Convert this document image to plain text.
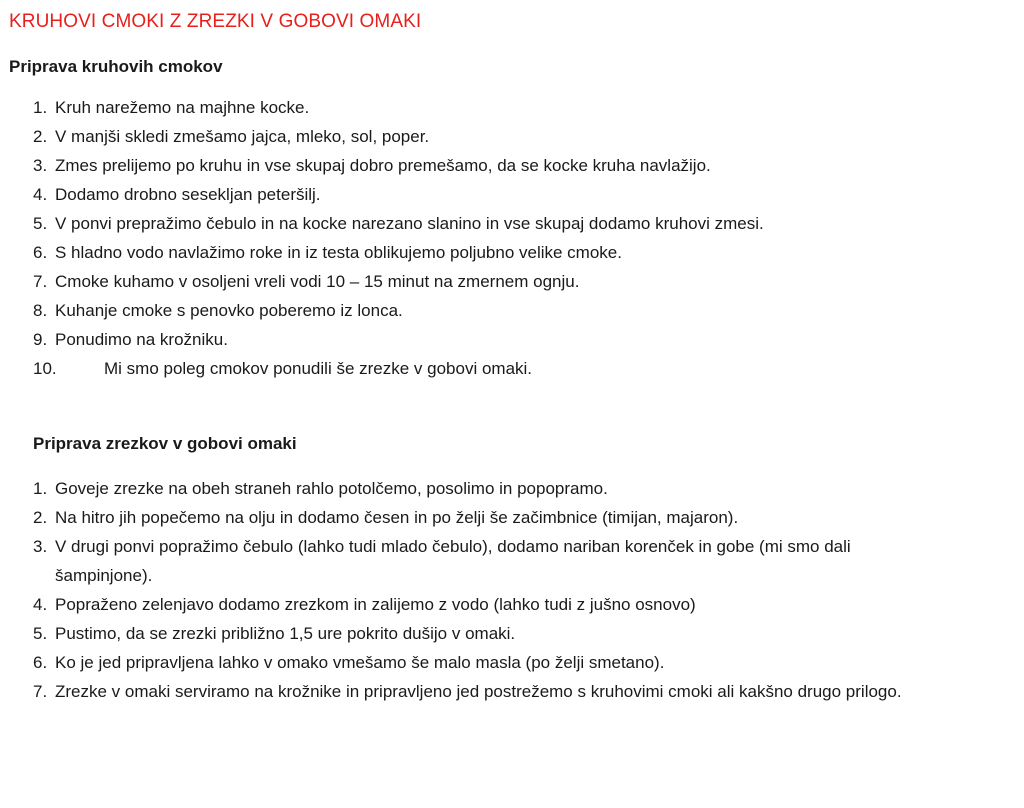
KRUHOVI CMOKI Z ZREZKI V GOBOVI OMAKI
Priprava kruhovih cmokov
1. Kruh narežemo na majhne kocke.
2. V manjši skledi zmešamo jajca, mleko, sol, poper.
3. Zmes prelijemo po kruhu in vse skupaj dobro premešamo, da se kocke kruha navlažijo.
4. Dodamo drobno sesekljan peteršilj.
5. V ponvi prepražimo čebulo in na kocke narezano slanino in vse skupaj dodamo kruhovi zmesi.
6. S hladno vodo navlažimo roke in iz testa oblikujemo poljubno velike cmoke.
7. Cmoke kuhamo v osoljeni vreli vodi 10 – 15 minut na zmernem ognju.
8. Kuhanje cmoke s penovko poberemo iz lonca.
9. Ponudimo na krožniku.
10.	Mi smo poleg cmokov ponudili še zrezke v gobovi omaki.
Priprava zrezkov v gobovi omaki
1. Goveje zrezke na obeh straneh rahlo potolčemo, posolimo in popopramo.
2. Na hitro jih popečemo na olju in dodamo česen in po želji še začimbnice (timijan, majaron).
3. V drugi ponvi popražimo čebulo (lahko tudi mlado čebulo), dodamo nariban korenček in gobe (mi smo dali šampinjone).
4. Popraženo zelenjavo dodamo zrezkom in zalijemo z vodo (lahko tudi z jušno osnovo)
5. Pustimo, da se zrezki približno 1,5 ure pokrito dušijo v omaki.
6. Ko je jed pripravljena lahko v omako vmešamo še malo masla (po želji smetano).
7. Zrezke v omaki serviramo na krožnike in pripravljeno jed postrežemo s kruhovimi cmoki ali kakšno drugo prilogo.
